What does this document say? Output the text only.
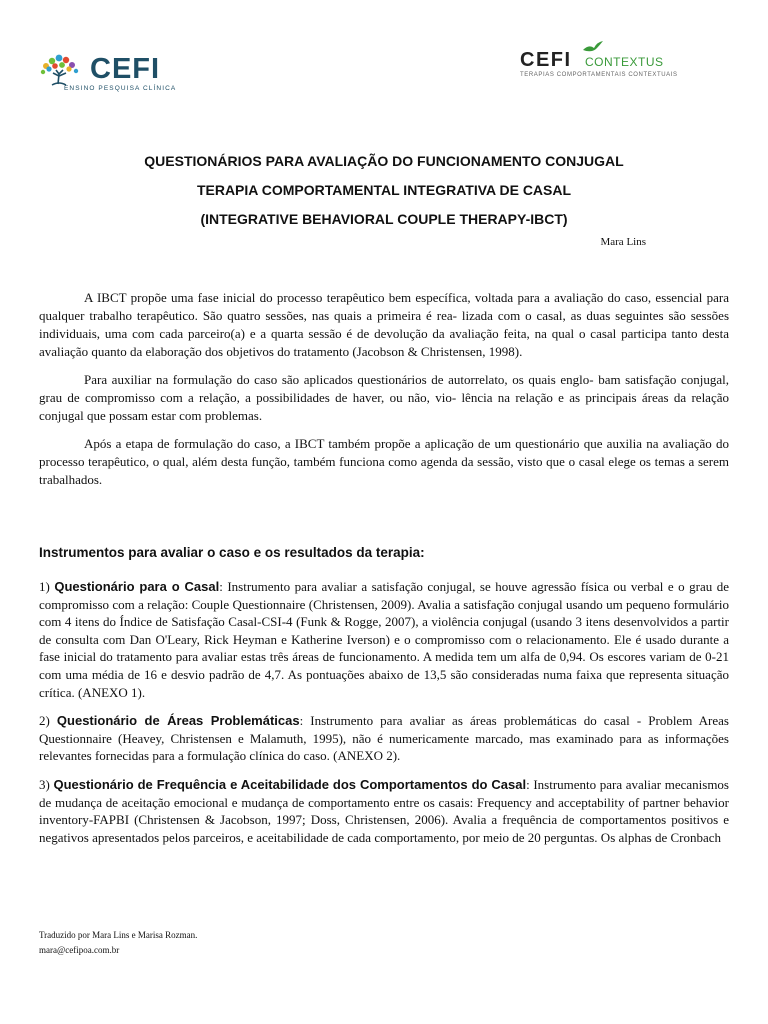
CEFI
ENSINO PESQUISA CLÍNICA
CEFI CONTEXTUS
TERAPIAS COMPORTAMENTAIS CONTEXTUAIS
QUESTIONÁRIOS PARA AVALIAÇÃO DO FUNCIONAMENTO CONJUGAL
TERAPIA COMPORTAMENTAL INTEGRATIVA DE CASAL
(INTEGRATIVE BEHAVIORAL COUPLE THERAPY-IBCT)
Mara Lins

A IBCT propõe uma fase inicial do processo terapêutico bem específica, voltada para a avaliação do caso, essencial para qualquer trabalho terapêutico. São quatro sessões, nas quais a primeira é rea- lizada com o casal, as duas seguintes são sessões individuais, uma com cada parceiro(a) e a quarta sessão é de devolução da avaliação feita, na qual o casal participa tanto desta avaliação quanto da elaboração dos objetivos do tratamento (Jacobson & Christensen, 1998).

Para auxiliar na formulação do caso são aplicados questionários de autorrelato, os quais englo- bam satisfação conjugal, grau de compromisso com a relação, a possibilidades de haver, ou não, vio- lência na relação e as principais áreas da relação conjugal que possam estar com problemas.

Após a etapa de formulação do caso, a IBCT também propõe a aplicação de um questionário que auxilia na avaliação do processo terapêutico, o qual, além desta função, também funciona como agenda da sessão, visto que o casal elege os temas a serem trabalhados.

Instrumentos para avaliar o caso e os resultados da terapia:

1) Questionário para o Casal: Instrumento para avaliar a satisfação conjugal, se houve agressão física ou verbal e o grau de compromisso com a relação: Couple Questionnaire (Christensen, 2009). Avalia a satisfação conjugal usando um pequeno formulário com 4 itens do Índice de Satisfação Casal-CSI-4 (Funk & Rogge, 2007), a violência conjugal (usando 3 itens desenvolvidos a partir de consulta com Dan O'Leary, Rick Heyman e Katherine Iverson) e o compromisso com o relacionamento. Ele é usado durante a fase inicial do tratamento para avaliar estas três áreas de funcionamento. A medida tem um alfa de 0,94. Os escores variam de 0-21 com uma média de 16 e desvio padrão de 4,7. As pontuações abaixo de 13,5 são consideradas numa faixa que representa situação crítica. (ANEXO 1).

2) Questionário de Áreas Problemáticas: Instrumento para avaliar as áreas problemáticas do casal - Problem Areas Questionnaire (Heavey, Christensen e Malamuth, 1995), não é numericamente marcado, mas examinado para as informações relevantes fornecidas para a formulação clínica do caso. (ANEXO 2).

3) Questionário de Frequência e Aceitabilidade dos Comportamentos do Casal: Instrumento para avaliar mecanismos de mudança de aceitação emocional e mudança de comportamento entre os casais: Frequency and acceptability of partner behavior inventory-FAPBI (Christensen & Jacobson, 1997; Doss, Christensen, 2006). Avalia a frequência de comportamentos positivos e negativos apresentados pelos parceiros, e aceitabilidade de cada comportamento, por meio de 20 perguntas. Os alphas de Cronbach

Traduzido por Mara Lins e Marisa Rozman.
mara@cefipoa.com.br
